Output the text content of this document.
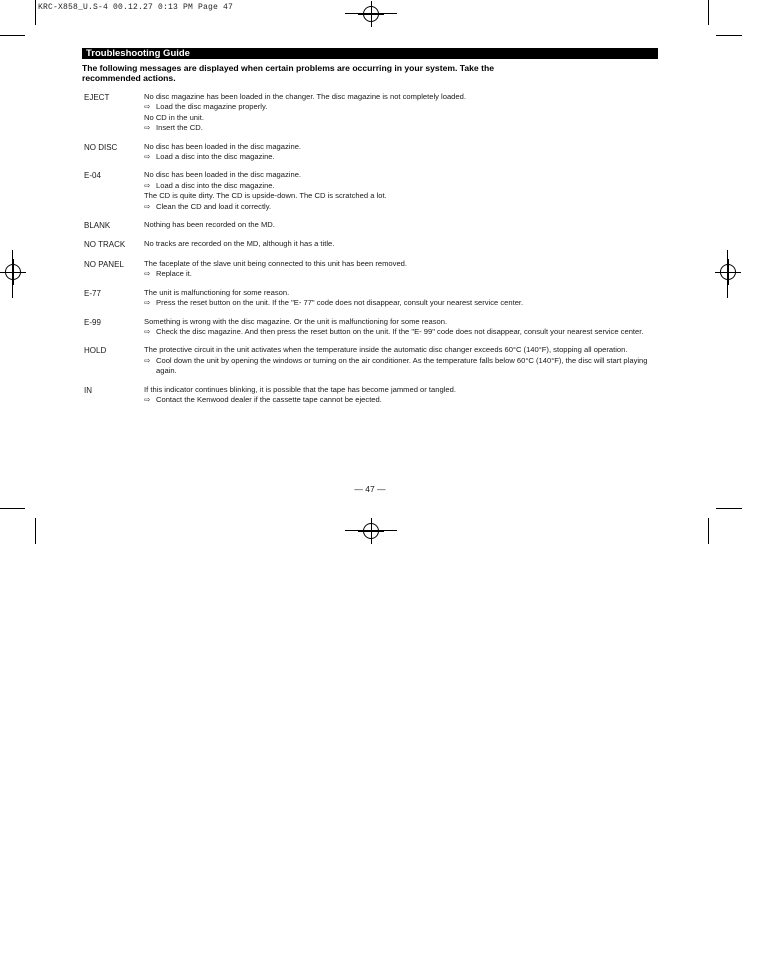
KRC-X858_U.S-4 00.12.27 0:13 PM Page 47
Troubleshooting Guide
The following messages are displayed when certain problems are occurring in your system. Take the
recommended actions.
EJECT	No disc magazine has been loaded in the changer. The disc magazine is not completely loaded.
⇨ Load the disc magazine properly.
No CD in the unit.
⇨ Insert the CD.
NO DISC	No disc has been loaded in the disc magazine.
⇨ Load a disc into the disc magazine.
E-04	No disc has been loaded in the disc magazine.
⇨ Load a disc into the disc magazine.
The CD is quite dirty. The CD is upside-down. The CD is scratched a lot.
⇨ Clean the CD and load it correctly.
BLANK	Nothing has been recorded on the MD.
NO TRACK	No tracks are recorded on the MD, although it has a title.
NO PANEL	The faceplate of the slave unit being connected to this unit has been removed.
⇨ Replace it.
E-77	The unit is malfunctioning for some reason.
⇨ Press the reset button on the unit. If the "E- 77" code does not disappear, consult your nearest service center.
E-99	Something is wrong with the disc magazine. Or the unit is malfunctioning for some reason.
⇨ Check the disc magazine. And then press the reset button on the unit. If the "E- 99" code does not disappear, consult your nearest service center.
HOLD	The protective circuit in the unit activates when the temperature inside the automatic disc changer exceeds 60°C (140°F), stopping all operation.
⇨ Cool down the unit by opening the windows or turning on the air conditioner. As the temperature falls below 60°C (140°F), the disc will start playing again.
IN	If this indicator continues blinking, it is possible that the tape has become jammed or tangled.
⇨ Contact the Kenwood dealer if the cassette tape cannot be ejected.
— 47 —
